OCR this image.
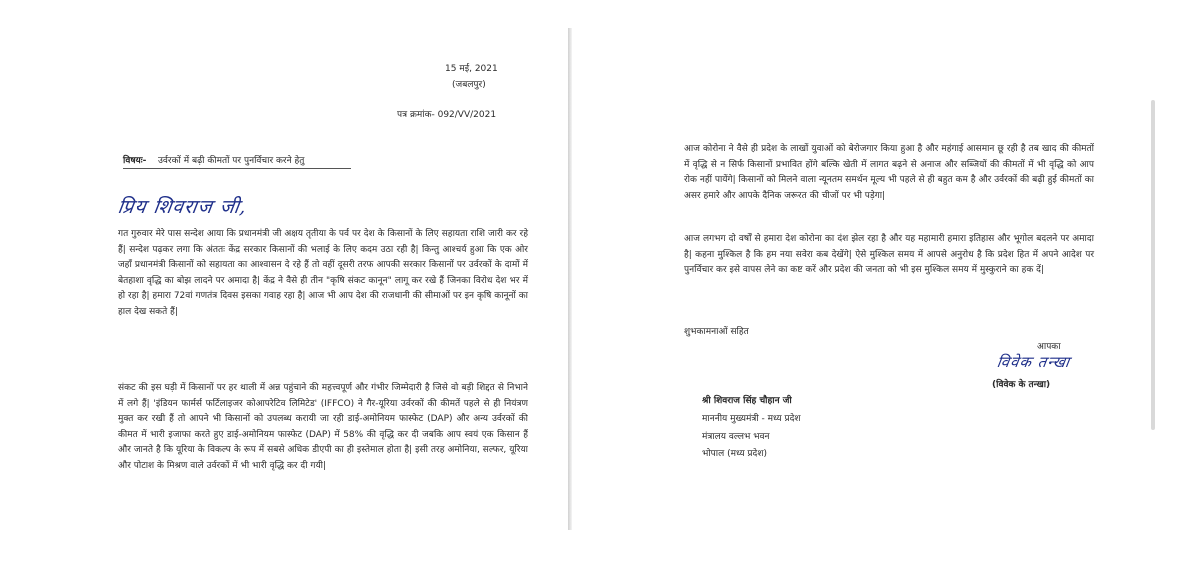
15 मई, 2021
(जबलपुर)
पत्र क्रमांक- 092/VV/2021
विषयः- उर्वरकों में बढ़ी कीमतों पर पुनर्विचार करने हेतु
प्रिय शिवराज जी,
गत गुरुवार मेरे पास सन्देश आया कि प्रधानमंत्री जी अक्षय तृतीया के पर्व पर देश के किसानों के लिए सहायता राशि जारी कर रहे हैं| सन्देश पढ़कर लगा कि अंततः केंद्र सरकार किसानों की भलाई के लिए कदम उठा रही है| किन्तु आश्चर्य हुआ कि एक ओर जहाँ प्रधानमंत्री किसानों को सहायता का आश्वासन दे रहे हैं तो वहीं दूसरी तरफ आपकी सरकार किसानों पर उर्वरकों के दामों में बेतहाशा वृद्धि का बोझ लादने पर अमादा है| केंद्र ने वैसे ही तीन "कृषि संकट कानून" लागू कर रखे हैं जिनका विरोध देश भर में हो रहा है| हमारा 72वां गणतंत्र दिवस इसका गवाह रहा है| आज भी आप देश की राजधानी की सीमाओं पर इन कृषि कानूनों का हाल देख सकते हैं|
संकट की इस घड़ी में किसानों पर हर थाली में अन्न पहुंचाने की महत्त्वपूर्ण और गंभीर जिम्मेदारी है जिसे वो बड़ी शिद्दत से निभाने में लगे हैं| 'इंडियन फार्मर्स फर्टिलाइजर कोआपरेटिव लिमिटेड' (IFFCO) ने गैर-यूरिया उर्वरकों की कीमतें पहले से ही नियंत्रण मुक्त कर रखी हैं तो आपने भी किसानों को उपलब्ध करायी जा रही डाई-अमोनियम फास्फेट (DAP) और अन्य उर्वरकों की कीमत में भारी इजाफा करते हुए डाई-अमोनियम फास्फेट (DAP) में 58% की वृद्धि कर दी जबकि आप स्वयं एक किसान हैं और जानते है कि यूरिया के विकल्प के रूप में सबसे अधिक डीएपी का ही इस्तेमाल होता है| इसी तरह अमोनिया, सल्फर, यूरिया और पोटाश के मिश्रण वाले उर्वरकों में भी भारी वृद्धि कर दी गयी|
आज कोरोना ने वैसे ही प्रदेश के लाखों युवाओं को बेरोजगार किया हुआ है और महंगाई आसमान छू रही है तब खाद की कीमतों में वृद्धि से न सिर्फ किसानों प्रभावित होंगे बल्कि खेती में लागत बढ़ने से अनाज और सब्जियों की कीमतों में भी वृद्धि को आप रोक नहीं पायेंगे| किसानों को मिलने वाला न्यूनतम समर्थन मूल्य भी पहले से ही बहुत कम है और उर्वरकों की बढ़ी हुई कीमतों का असर हमारे और आपके दैनिक जरूरत की चीजों पर भी पड़ेगा|
आज लगभग दो वर्षों से हमारा देश कोरोना का दंश झेल रहा है और यह महामारी हमारा इतिहास और भूगोल बदलने पर अमादा है| कहना मुश्किल है कि हम नया सवेरा कब देखेंगे| ऐसे मुश्किल समय में आपसे अनुरोध है कि प्रदेश हित में अपने आदेश पर पुनर्विचार कर इसे वापस लेने का कष्ट करें और प्रदेश की जनता को भी इस मुश्किल समय में मुस्कुराने का हक दें|
शुभकामनाओं सहित
आपका
विवेक तन्खा
(विवेक के तन्खा)
श्री शिवराज सिंह चौहान जी
माननीय मुख्यमंत्री - मध्य प्रदेश
मंत्रालय वल्लभ भवन
भोपाल (मध्य प्रदेश)
